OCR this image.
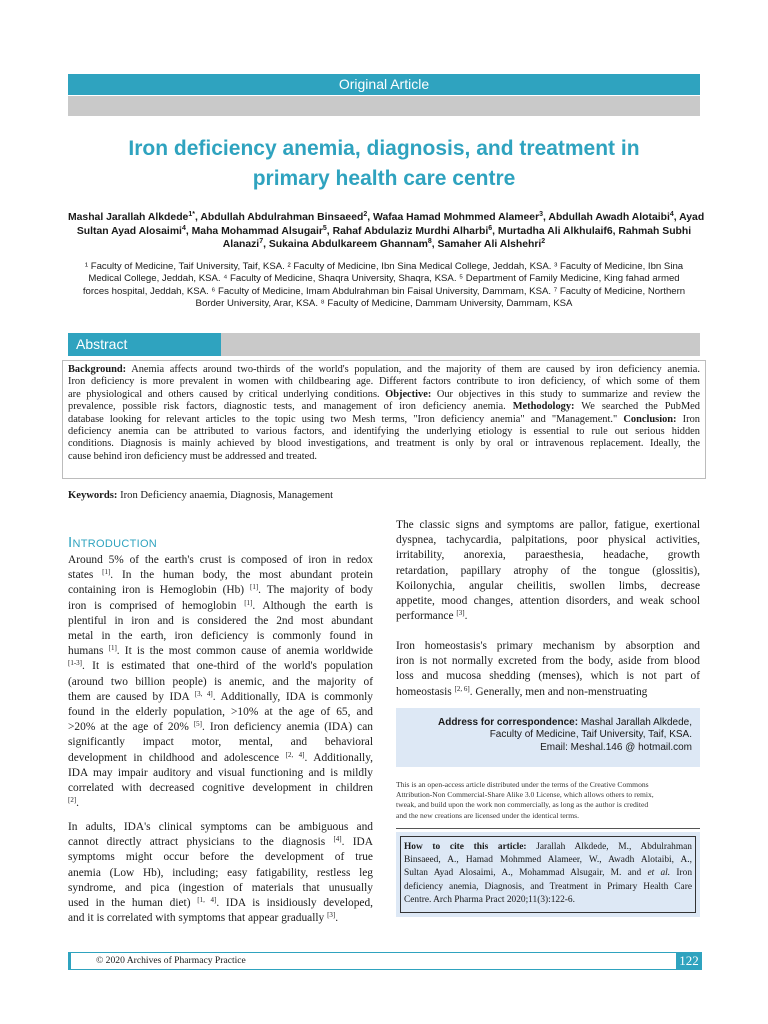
Original Article
Iron deficiency anemia, diagnosis, and treatment in
primary health care centre
Mashal Jarallah Alkdede$^{1*}$, Abdullah Abdulrahman Binsaeed$^2$, Wafaa Hamad Mohmmed Alameer$^3$, Abdullah Awadh Alotaibi$^4$, Ayad
Sultan Ayad Alosaimi$^4$, Maha Mohammad Alsugair$^5$, Rahaf Abdulaziz Murdhi Alharbi$^6$, Murtadha Ali Alkhulaif6, Rahmah Subhi
Alanazi$^7$, Sukaina Abdulkareem Ghannam$^8$, Samaher Ali Alshehri$^2$
¹ Faculty of Medicine, Taif University, Taif, KSA. ² Faculty of Medicine, Ibn Sina Medical College, Jeddah, KSA. ³ Faculty of Medicine, Ibn Sina
Medical College, Jeddah, KSA. ⁴ Faculty of Medicine, Shaqra University, Shaqra, KSA. ⁵ Department of Family Medicine, King fahad armed
forces hospital, Jeddah, KSA. ⁶ Faculty of Medicine, Imam Abdulrahman bin Faisal University, Dammam, KSA. ⁷ Faculty of Medicine, Northern
Border University, Arar, KSA. ⁸ Faculty of Medicine, Dammam University, Dammam, KSA
Abstract
Background: Anemia affects around two-thirds of the world's population, and the majority of them are caused by iron deficiency anemia.
Iron deficiency is more prevalent in women with childbearing age. Different factors contribute to iron deficiency, of which some of them
are physiological and others caused by critical underlying conditions. Objective: Our objectives in this study to summarize and review the
prevalence, possible risk factors, diagnostic tests, and management of iron deficiency anemia. Methodology: We searched the PubMed
database looking for relevant articles to the topic using two Mesh terms, "Iron deficiency anemia" and "Management." Conclusion: Iron
deficiency anemia can be attributed to various factors, and identifying the underlying etiology is essential to rule out serious hidden
conditions. Diagnosis is mainly achieved by blood investigations, and treatment is only by oral or intravenous replacement. Ideally, the
cause behind iron deficiency must be addressed and treated.
Keywords: Iron Deficiency anaemia, Diagnosis, Management
INTRODUCTION
Around 5% of the earth's crust is composed of iron in redox
states [1]. In the human body, the most abundant protein
containing iron is Hemoglobin (Hb) [1]. The majority of body
iron is comprised of hemoglobin [1]. Although the earth is
plentiful in iron and is considered the 2nd most abundant
metal in the earth, iron deficiency is commonly found in
humans [1]. It is the most common cause of anemia worldwide
[1-3]. It is estimated that one-third of the world's population
(around two billion people) is anemic, and the majority of
them are caused by IDA [3, 4]. Additionally, IDA is commonly
found in the elderly population, >10% at the age of 65, and
>20% at the age of 20% [5]. Iron deficiency anemia (IDA) can
significantly impact motor, mental, and behavioral
development in childhood and adolescence [2, 4]. Additionally,
IDA may impair auditory and visual functioning and is mildly
correlated with decreased cognitive development in children
[2].
In adults, IDA's clinical symptoms can be ambiguous and
cannot directly attract physicians to the diagnosis [4]. IDA
symptoms might occur before the development of true
anemia (Low Hb), including; easy fatigability, restless leg
syndrome, and pica (ingestion of materials that unusually
used in the human diet) [1, 4]. IDA is insidiously developed,
and it is correlated with symptoms that appear gradually [3].
The classic signs and symptoms are pallor, fatigue, exertional
dyspnea, tachycardia, palpitations, poor physical activities,
irritability, anorexia, paraesthesia, headache, growth
retardation, papillary atrophy of the tongue (glossitis),
Koilonychia, angular cheilitis, swollen limbs, decrease
appetite, mood changes, attention disorders, and weak school
performance [3].
Iron homeostasis's primary mechanism by absorption and
iron is not normally excreted from the body, aside from blood
loss and mucosa shedding (menses), which is not part of
homeostasis [2, 6]. Generally, men and non-menstruating
Address for correspondence: Mashal Jarallah Alkdede,
Faculty of Medicine, Taif University, Taif, KSA.
Email: Meshal.146 @ hotmail.com
This is an open-access article distributed under the terms of the Creative Commons
Attribution-Non Commercial-Share Alike 3.0 License, which allows others to remix,
tweak, and build upon the work non commercially, as long as the author is credited
and the new creations are licensed under the identical terms.
How to cite this article: Jarallah Alkdede, M., Abdulrahman
Binsaeed, A., Hamad Mohmmed Alameer, W., Awadh Alotaibi, A.,
Sultan Ayad Alosaimi, A., Mohammad Alsugair, M. and et al. Iron
deficiency anemia, Diagnosis, and Treatment in Primary Health Care
Centre. Arch Pharma Pract 2020;11(3):122-6.
© 2020 Archives of Pharmacy Practice	122
